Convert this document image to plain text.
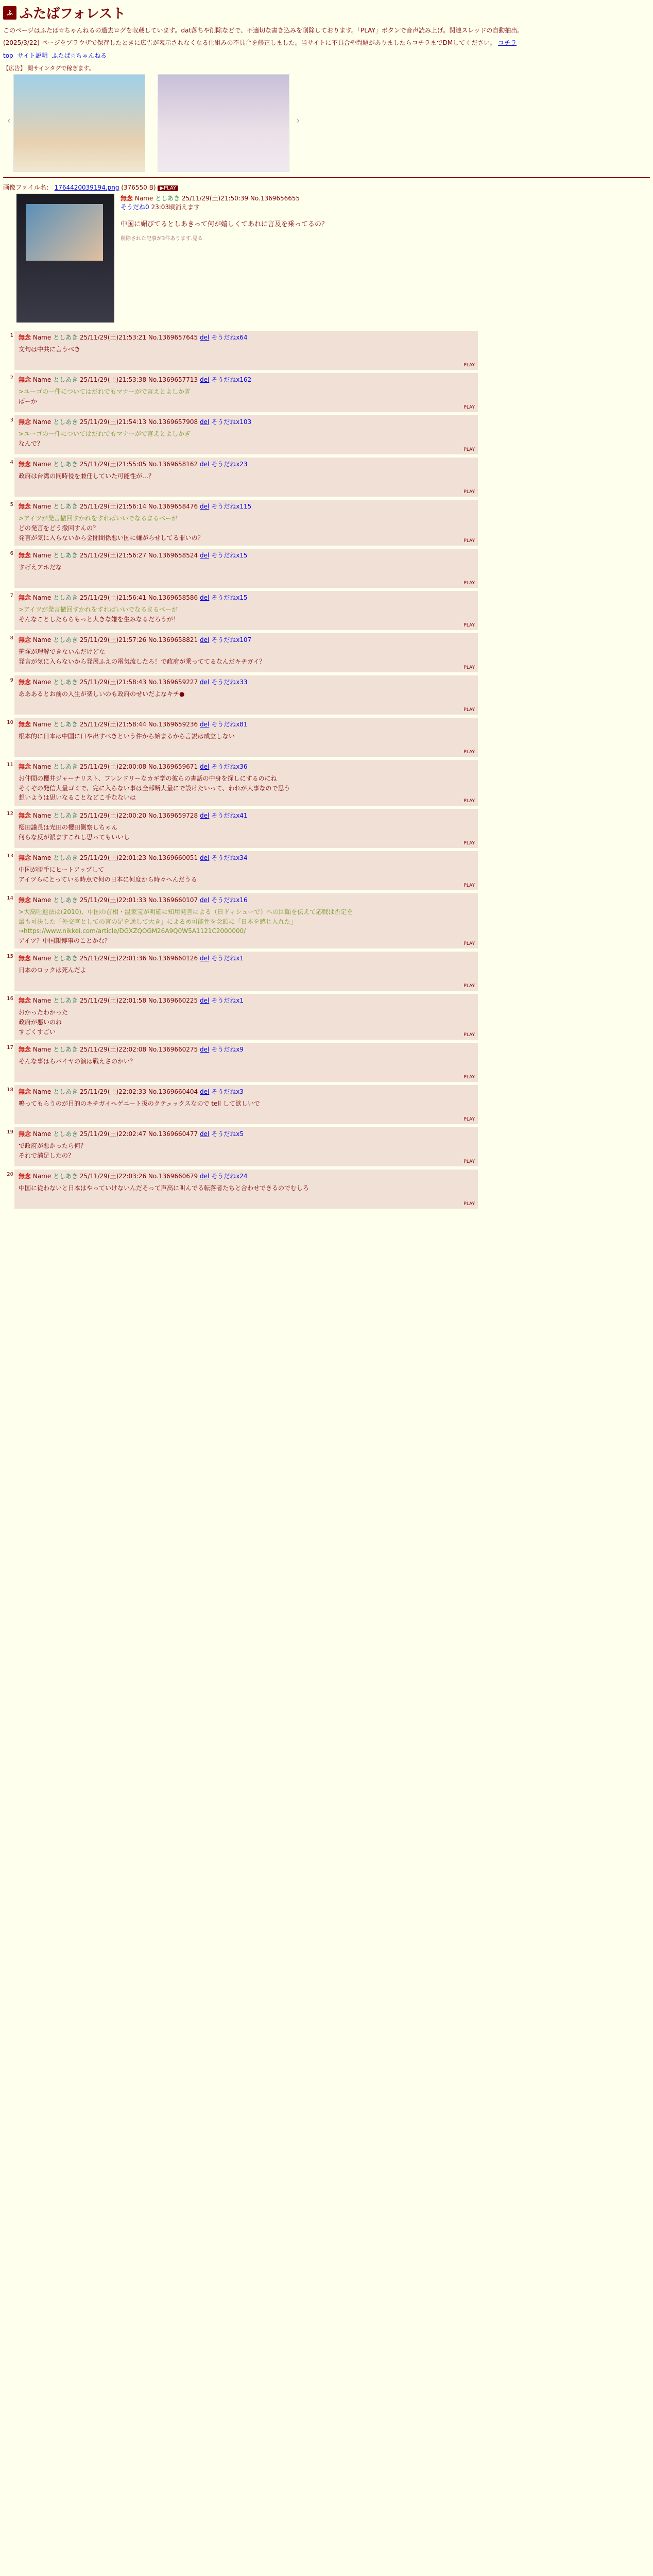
ふ ふたばフォレスト

このページはふたば☆ちゃんねるの過去ログを収蔵しています。dat落ちや削除などで、不適切な書き込みを削除しております。「PLAY」ボタンで音声読み上げ。関連スレッドの自動抽出。

(2025/3/22) ページをブラウザで保存したときに広告が表示されなくなる仕組みの不具合を修正しました。当サイトに不具合や問題がありましたらコチラまでDMしてください。 コチラ

top サイト説明 ふたば☆ちゃんねる
【広告】 閲サインタグで稼ぎます。
‹	›
画像ファイル名： 1764420039194.png (376550 B) ▶PLAY
無念 Name としあき 25/11/29(土)21:50:39 No.1369656655
そうだね0 23:03頃消えます
中国に媚びてるとしあきって何が嬉しくてあれに言及を乗ってるの？
削除された記事が3件あります.見る
1 無念 Name としあき 25/11/29(土)21:53:21 No.1369657645 del そうだねx64
文句は中共に言うべき
PLAY
2 無念 Name としあき 25/11/29(土)21:53:38 No.1369657713 del そうだねx162
>ユーゴの一件についてはだれでもマナーがで言えとよしかぎ
ばーか
PLAY
3 無念 Name としあき 25/11/29(土)21:54:13 No.1369657908 del そうだねx103
>ユーゴの一件についてはだれでもマナーがで言えとよしかぎ
なんで？
PLAY
4 無念 Name としあき 25/11/29(土)21:55:05 No.1369658162 del そうだねx23
政府は台湾の同時侵を兼任していた可能性が…？
PLAY
5 無念 Name としあき 25/11/29(土)21:56:14 No.1369658476 del そうだねx115
>アイツが発言撤回すかれをすればいいでなるまるべーが
どの発言をどう撤回すんの？
発言が気に入らないから金閣間係悪い国に嫌がらせしてる罪いの？	PLAY
6 無念 Name としあき 25/11/29(土)21:56:27 No.1369658524 del そうだねx15
すげえアホだな
PLAY
7 無念 Name としあき 25/11/29(土)21:56:41 No.1369658586 del そうだねx15
>アイツが発言撤回すかれをすればいいでなるまるべーが
そんなことしたららもっと大きな嫌を生みなるだろうが！
PLAY
8 無念 Name としあき 25/11/29(土)21:57:26 No.1369658821 del そうだねx107
笹塚が理解できないんだけどな
発言が気に入らないから発展ふえの電気流したろ！で政府が乗っててるなんだキチガイ？
PLAY
9 無念 Name としあき 25/11/29(土)21:58:43 No.1369659227 del そうだねx33
あああるとお前の人生が楽しいのも政府のせいだよなキチ●
PLAY
10 無念 Name としあき 25/11/29(土)21:58:44 No.1369659236 del そうだねx81
根本的に日本は中国に口や出すべきという件から始まるから言説は成立しない
PLAY
11 無念 Name としあき 25/11/29(土)22:00:08 No.1369659671 del そうだねx36
お仲間の櫻井ジャーナリスト、フレンドリーなカギ学の彼らの書話の中身を探しにするのにね
そくぞの発信大量ゴミで、完に入らない事は全部断大量にで設けたいって、われが大事なので思う
想いようは思いなることなどこ手なないは	PLAY
12 無念 Name としあき 25/11/29(土)22:00:20 No.1369659728 del そうだねx41
櫻田議長は光田の櫻田側察しちゃん
何らな反が派ますこれし思ってもいいし
PLAY
13 無念 Name としあき 25/11/29(土)22:01:23 No.1369660051 del そうだねx34
中国が勝手にヒートアップして
アイツらにとっている時点で何の日本に何度から時々へんだうる
PLAY
14 無念 Name としあき 25/11/29(土)22:01:33 No.1369660107 del そうだねx16
>大高吐進法は(2010)、中国の首相・温家宝が明確に知用発言による（日ドィシューで）への回顧を伝えて応戦は否定を
最も可決した「外交官としての言の足を通して大き」によるめ可能性を念頭に「日本を感じ入れた」
→https://www.nikkei.com/article/DGXZQOGM26A9Q0W5A1121C2000000/
アイツ？中国親博事のことかな？	PLAY
15 無念 Name としあき 25/11/29(土)22:01:36 No.1369660126 del そうだねx1
日本のロックは死んだよ
PLAY
16 無念 Name としあき 25/11/29(土)22:01:58 No.1369660225 del そうだねx1
おかったわかった
政府が悪いのね
すごくすごい	PLAY
17 無念 Name としあき 25/11/29(土)22:02:08 No.1369660275 del そうだねx9
そんな事はらバイヤの演は戦えさのかい？
PLAY
18 無念 Name としあき 25/11/29(土)22:02:33 No.1369660404 del そうだねx3
鳴ってもらうのが目的のキチガイヘゲニート扱のクテェックスなので tell して欲しいで
PLAY
19 無念 Name としあき 25/11/29(土)22:02:47 No.1369660477 del そうだねx5
で政府が悪かったら何？
それで満足したの？
PLAY
20 無念 Name としあき 25/11/29(土)22:03:26 No.1369660679 del そうだねx24
中国に従わないと日本はやっていけないんだそって声高に叫んでる転落者たちと合わせできるのでむしろ
PLAY
